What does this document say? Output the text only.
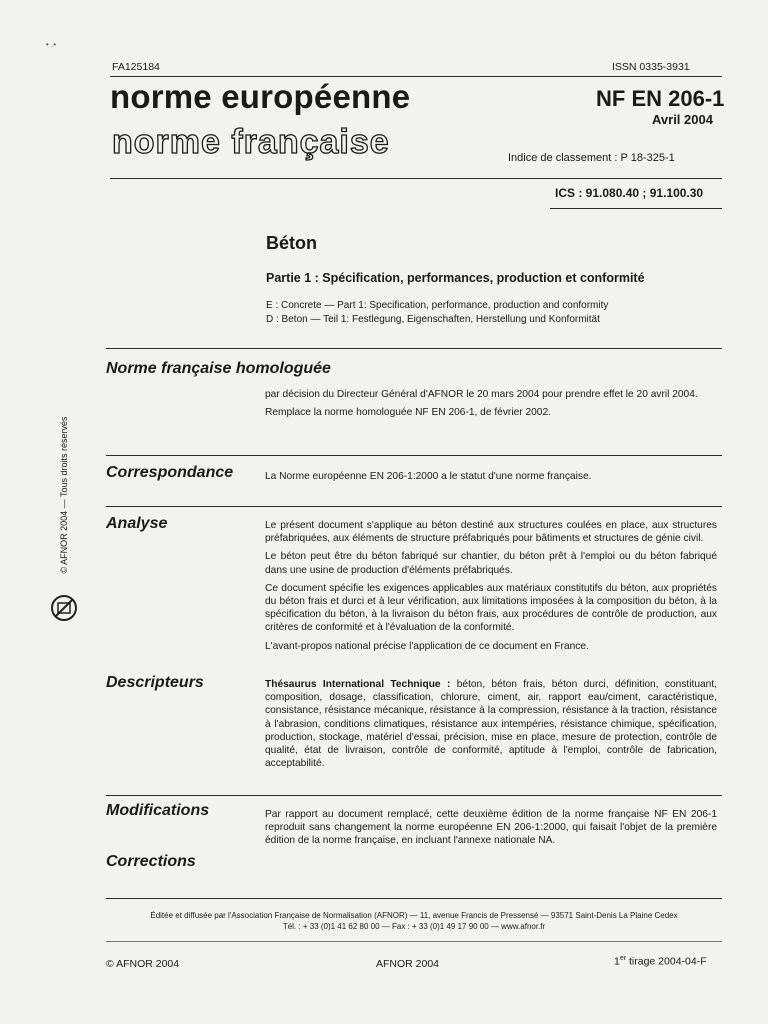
• .•
FA125184	ISSN 0335-3931
norme européenne
norme française
NF EN 206-1
Avril 2004
Indice de classement : P 18-325-1
ICS : 91.080.40 ; 91.100.30
Béton
Partie 1 : Spécification, performances, production et conformité
E : Concrete — Part 1: Specification, performance, production and conformity
D : Beton — Teil 1: Festlegung, Eigenschaften, Herstellung und Konformität
Norme française homologuée

par décision du Directeur Général d'AFNOR le 20 mars 2004 pour prendre effet le 20 avril 2004.

Remplace la norme homologuée NF EN 206-1, de février 2002.

Correspondance	La Norme européenne EN 206-1:2000 a le statut d'une norme française.
Analyse	Le présent document s'applique au béton destiné aux structures coulées en place, aux structures préfabriquées, aux éléments de structure préfabriqués pour bâtiments et structures de génie civil.

Le béton peut être du béton fabriqué sur chantier, du béton prêt à l'emploi ou du béton fabriqué dans une usine de production d'éléments préfabriqués.

Ce document spécifie les exigences applicables aux matériaux constitutifs du béton, aux propriétés du béton frais et durci et à leur vérification, aux limitations imposées à la composition du béton, à la spécification du béton, à la livraison du béton frais, aux procédures de contrôle de production, aux critères de conformité et à l'évaluation de la conformité.

L'avant-propos national précise l'application de ce document en France.

Descripteurs	Thésaurus International Technique : béton, béton frais, béton durci, définition, constituant, composition, dosage, classification, chlorure, ciment, air, rapport eau/ciment, caractéristique, consistance, résistance mécanique, résistance à la compression, résistance à la traction, résistance à l'abrasion, conditions climatiques, résistance aux intempéries, résistance chimique, spécification, production, stockage, matériel d'essai, précision, mise en place, mesure de protection, contrôle de qualité, état de livraison, contrôle de conformité, aptitude à l'emploi, contrôle de fabrication, acceptabilité.
Modifications	Par rapport au document remplacé, cette deuxième édition de la norme française NF EN 206-1 reproduit sans changement la norme européenne EN 206-1:2000, qui faisait l'objet de la première édition de la norme française, en incluant l'annexe nationale NA.
Corrections
© AFNOR 2004 — Tous droits réservés
Éditée et diffusée par l'Association Française de Normalisation (AFNOR) — 11, avenue Francis de Pressensé — 93571 Saint-Denis La Plaine Cedex
Tél. : + 33 (0)1 41 62 80 00 — Fax : + 33 (0)1 49 17 90 00 — www.afnor.fr
© AFNOR 2004	AFNOR 2004	1er tirage 2004-04-F
